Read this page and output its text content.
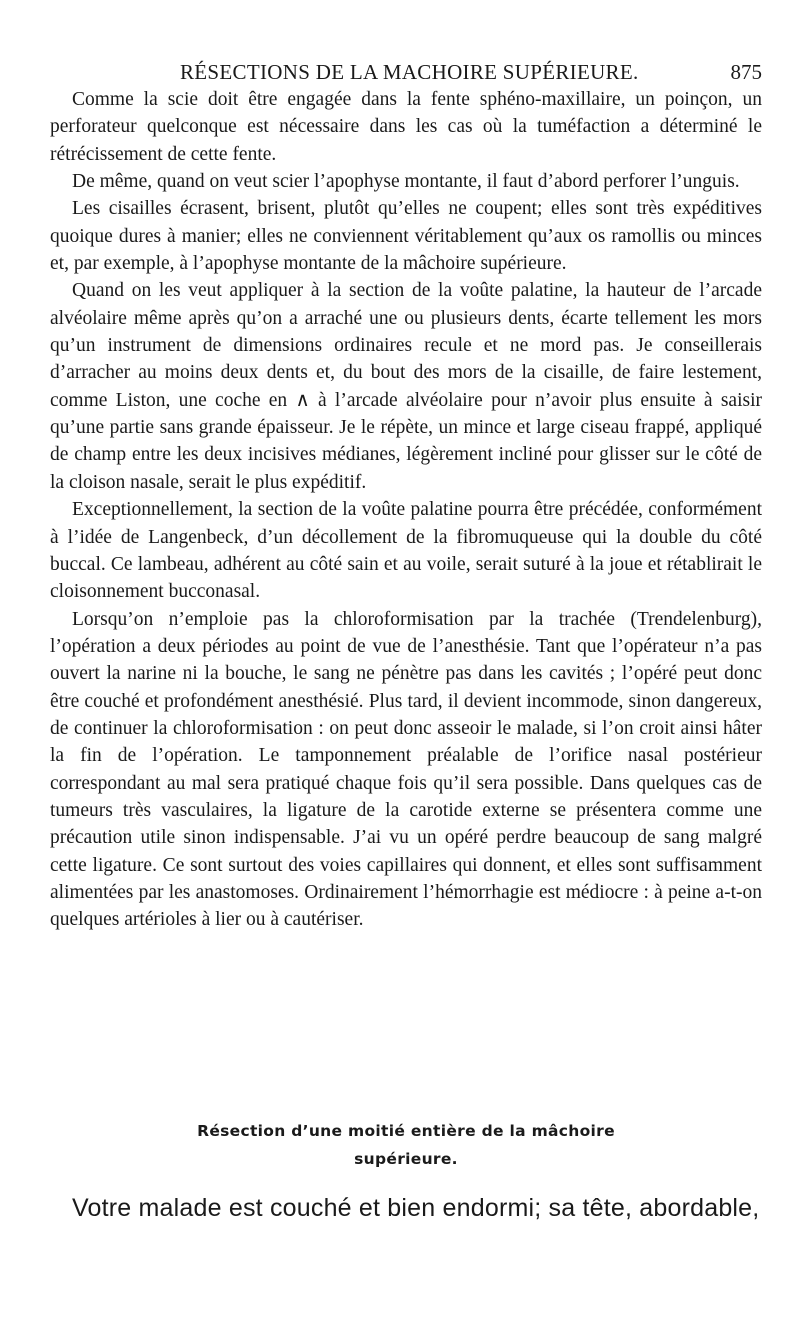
RÉSECTIONS DE LA MACHOIRE SUPÉRIEURE.	875

Comme la scie doit être engagée dans la fente sphéno-maxillaire, un poinçon, un perforateur quelconque est nécessaire dans les cas où la tuméfaction a déterminé le rétrécissement de cette fente.

De même, quand on veut scier l’apophyse montante, il faut d’abord perforer l’unguis.

Les cisailles écrasent, brisent, plutôt qu’elles ne coupent; elles sont très expéditives quoique dures à manier; elles ne conviennent véritablement qu’aux os ramollis ou minces et, par exemple, à l’apophyse montante de la mâchoire supérieure.

Quand on les veut appliquer à la section de la voûte palatine, la hauteur de l’arcade alvéolaire même après qu’on a arraché une ou plusieurs dents, écarte tellement les mors qu’un instrument de dimensions ordinaires recule et ne mord pas. Je conseillerais d’arracher au moins deux dents et, du bout des mors de la cisaille, de faire lestement, comme Liston, une coche en ∧ à l’arcade alvéolaire pour n’avoir plus ensuite à saisir qu’une partie sans grande épaisseur. Je le répète, un mince et large ciseau frappé, appliqué de champ entre les deux incisives médianes, légèrement incliné pour glisser sur le côté de la cloison nasale, serait le plus expéditif.

Exceptionnellement, la section de la voûte palatine pourra être précédée, conformément à l’idée de Langenbeck, d’un décollement de la fibromuqueuse qui la double du côté buccal. Ce lambeau, adhérent au côté sain et au voile, serait suturé à la joue et rétablirait le cloisonnement bucconasal.

Lorsqu’on n’emploie pas la chloroformisation par la trachée (Trendelenburg), l’opération a deux périodes au point de vue de l’anesthésie. Tant que l’opérateur n’a pas ouvert la narine ni la bouche, le sang ne pénètre pas dans les cavités ; l’opéré peut donc être couché et profondément anesthésié. Plus tard, il devient incommode, sinon dangereux, de continuer la chloroformisation : on peut donc asseoir le malade, si l’on croit ainsi hâter la fin de l’opération. Le tamponnement préalable de l’orifice nasal postérieur correspondant au mal sera pratiqué chaque fois qu’il sera possible. Dans quelques cas de tumeurs très vasculaires, la ligature de la carotide externe se présentera comme une précaution utile sinon indispensable. J’ai vu un opéré perdre beaucoup de sang malgré cette ligature. Ce sont surtout des voies capillaires qui donnent, et elles sont suffisamment alimentées par les anastomoses. Ordinairement l’hémorrhagie est médiocre : à peine a-t-on quelques artérioles à lier ou à cautériser.

Résection d’une moitié entière de la mâchoire
supérieure.
Votre malade est couché et bien endormi; sa tête, abordable,
